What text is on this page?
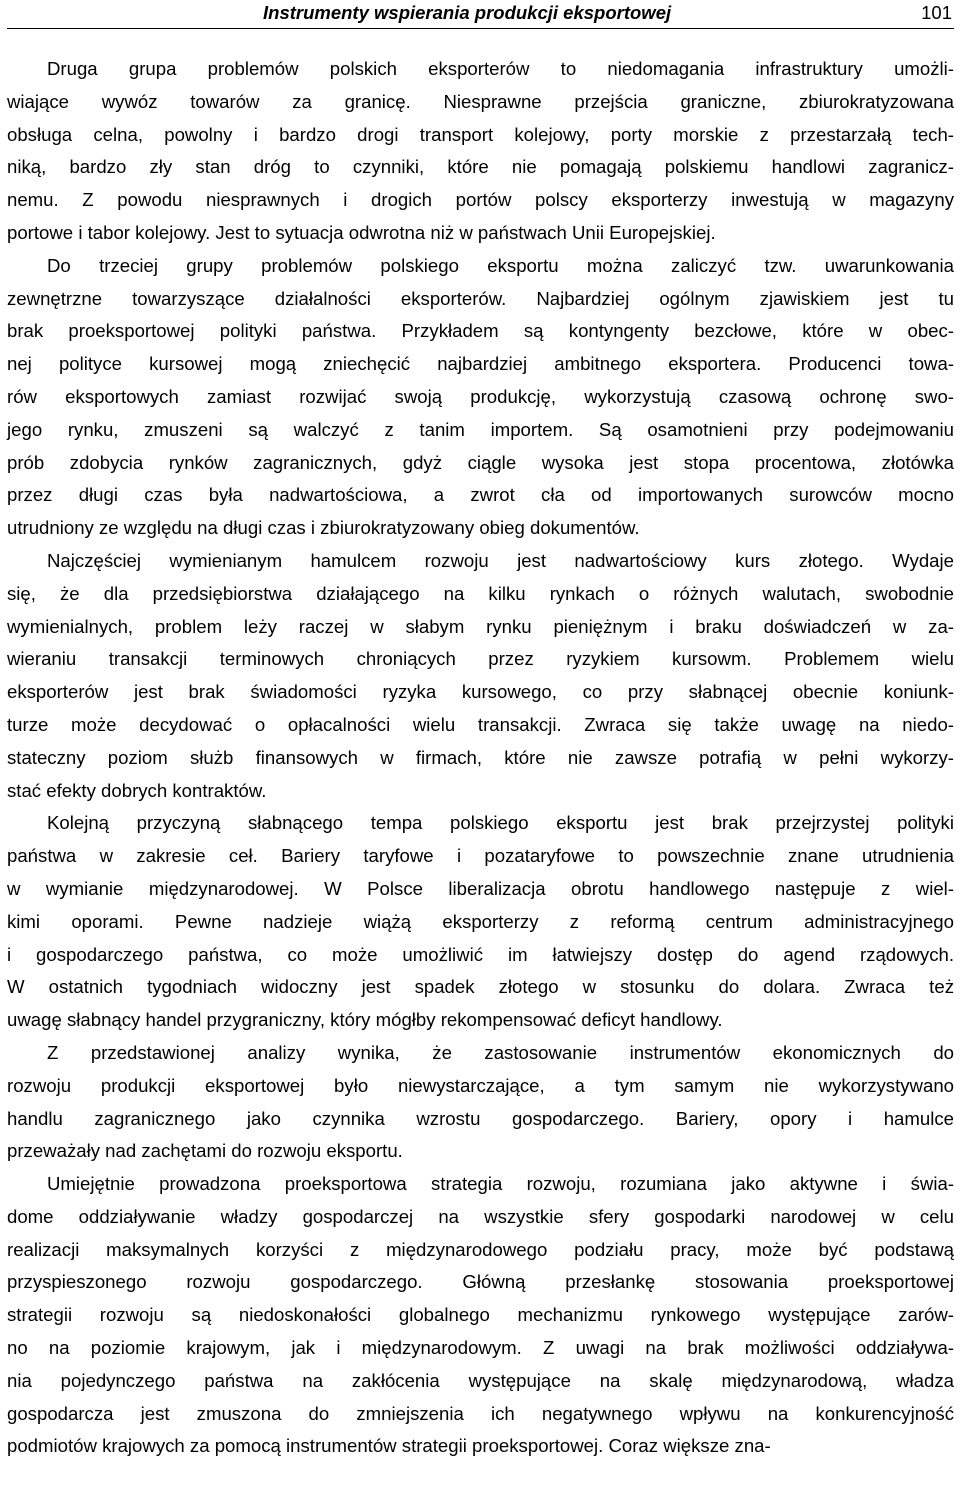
Instrumenty wspierania produkcji eksportowej	101
Druga grupa problemów polskich eksporterów to niedomagania infrastruktury umożli-
wiające wywóz towarów za granicę. Niesprawne przejścia graniczne, zbiurokratyzowana
obsługa celna, powolny i bardzo drogi transport kolejowy, porty morskie z przestarzałą tech-
niką, bardzo zły stan dróg to czynniki, które nie pomagają polskiemu handlowi zagranicz-
nemu. Z powodu niesprawnych i drogich portów polscy eksporterzy inwestują w magazyny
portowe i tabor kolejowy. Jest to sytuacja odwrotna niż w państwach Unii Europejskiej.
Do trzeciej grupy problemów polskiego eksportu można zaliczyć tzw. uwarunkowania
zewnętrzne towarzyszące działalności eksporterów. Najbardziej ogólnym zjawiskiem jest tu
brak proeksportowej polityki państwa. Przykładem są kontyngenty bezcłowe, które w obec-
nej polityce kursowej mogą zniechęcić najbardziej ambitnego eksportera. Producenci towa-
rów eksportowych zamiast rozwijać swoją produkcję, wykorzystują czasową ochronę swo-
jego rynku, zmuszeni są walczyć z tanim importem. Są osamotnieni przy podejmowaniu
prób zdobycia rynków zagranicznych, gdyż ciągle wysoka jest stopa procentowa, złotówka
przez długi czas była nadwartościowa, a zwrot cła od importowanych surowców mocno
utrudniony ze względu na długi czas i zbiurokratyzowany obieg dokumentów.
Najczęściej wymienianym hamulcem rozwoju jest nadwartościowy kurs złotego. Wydaje
się, że dla przedsiębiorstwa działającego na kilku rynkach o różnych walutach, swobodnie
wymienialnych, problem leży raczej w słabym rynku pieniężnym i braku doświadczeń w za-
wieraniu transakcji terminowych chroniących przez ryzykiem kursowm. Problemem wielu
eksporterów jest brak świadomości ryzyka kursowego, co przy słabnącej obecnie koniunk-
turze może decydować o opłacalności wielu transakcji. Zwraca się także uwagę na niedo-
stateczny poziom służb finansowych w firmach, które nie zawsze potrafią w pełni wykorzy-
stać efekty dobrych kontraktów.
Kolejną przyczyną słabnącego tempa polskiego eksportu jest brak przejrzystej polityki
państwa w zakresie ceł. Bariery taryfowe i pozataryfowe to powszechnie znane utrudnienia
w wymianie międzynarodowej. W Polsce liberalizacja obrotu handlowego następuje z wiel-
kimi oporami. Pewne nadzieje wiążą eksporterzy z reformą centrum administracyjnego
i gospodarczego państwa, co może umożliwić im łatwiejszy dostęp do agend rządowych.
W ostatnich tygodniach widoczny jest spadek złotego w stosunku do dolara. Zwraca też
uwagę słabnący handel przygraniczny, który mógłby rekompensować deficyt handlowy.
Z przedstawionej analizy wynika, że zastosowanie instrumentów ekonomicznych do
rozwoju produkcji eksportowej było niewystarczające, a tym samym nie wykorzystywano
handlu zagranicznego jako czynnika wzrostu gospodarczego. Bariery, opory i hamulce
przeważały nad zachętami do rozwoju eksportu.
Umiejętnie prowadzona proeksportowa strategia rozwoju, rozumiana jako aktywne i świa-
dome oddziaływanie władzy gospodarczej na wszystkie sfery gospodarki narodowej w celu
realizacji maksymalnych korzyści z międzynarodowego podziału pracy, może być podstawą
przyspieszonego rozwoju gospodarczego. Główną przesłankę stosowania proeksportowej
strategii rozwoju są niedoskonałości globalnego mechanizmu rynkowego występujące zarów-
no na poziomie krajowym, jak i międzynarodowym. Z uwagi na brak możliwości oddziaływa-
nia pojedynczego państwa na zakłócenia występujące na skalę międzynarodową, władza
gospodarcza jest zmuszona do zmniejszenia ich negatywnego wpływu na konkurencyjność
podmiotów krajowych za pomocą instrumentów strategii proeksportowej. Coraz większe zna-
